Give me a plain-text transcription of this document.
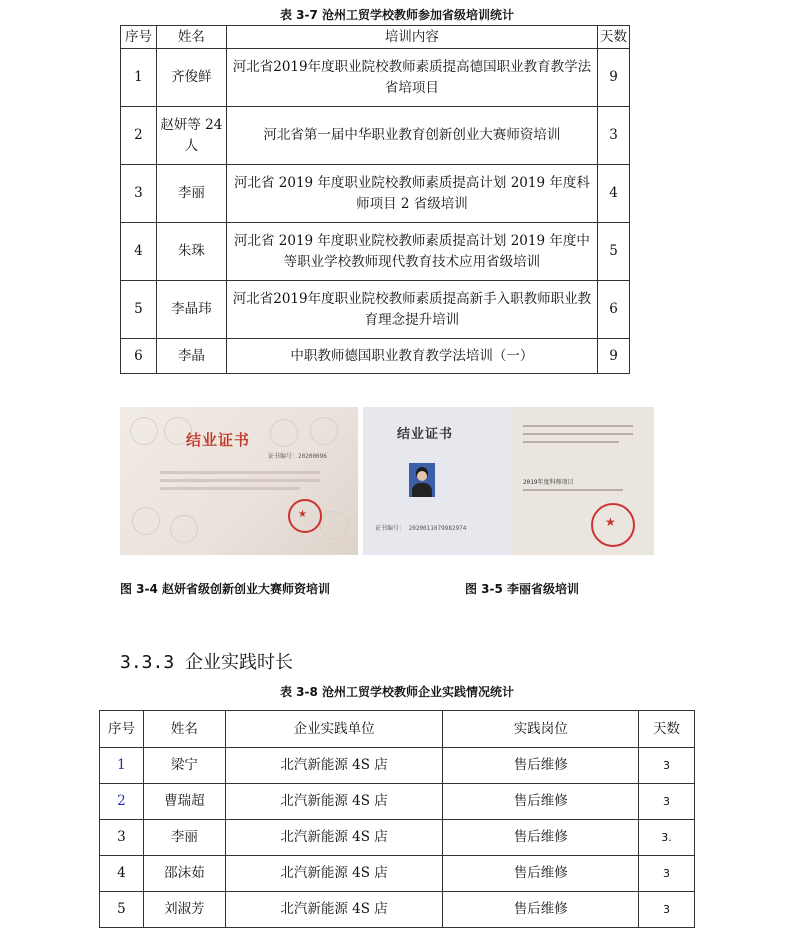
表 3-7 沧州工贸学校教师参加省级培训统计
序号	姓名	培训内容	天数
1	齐俊鲜	河北省2019年度职业院校教师素质提高德国职业教育教学法省培项目	9
2	赵妍等 24 人	河北省第一届中华职业教育创新创业大赛师资培训	3
3	李丽	河北省 2019 年度职业院校教师素质提高计划 2019 年度科师项目 2 省级培训	4
4	朱珠	河北省 2019 年度职业院校教师素质提高计划 2019 年度中等职业学校教师现代教育技术应用省级培训	5
5	李晶玮	河北省2019年度职业院校教师素质提高新手入职教师职业教育理念提升培训	6
6	李晶	中职教师德国职业教育教学法培训（一）	9
结业证书
证书编号：20200096
★
结业证书
证书编号： 2020011079982974
2019年度科师项目
★
图 3-4 赵妍省级创新创业大赛师资培训	图 3-5 李丽省级培训
3.3.3 企业实践时长
表 3-8 沧州工贸学校教师企业实践情况统计
序号	姓名	企业实践单位	实践岗位	天数
1	梁宁	北汽新能源 4S 店	售后维修	3
2	曹瑞超	北汽新能源 4S 店	售后维修	3
3	李丽	北汽新能源 4S 店	售后维修	3.
4	邵沫茹	北汽新能源 4S 店	售后维修	3
5	刘淑芳	北汽新能源 4S 店	售后维修	3
